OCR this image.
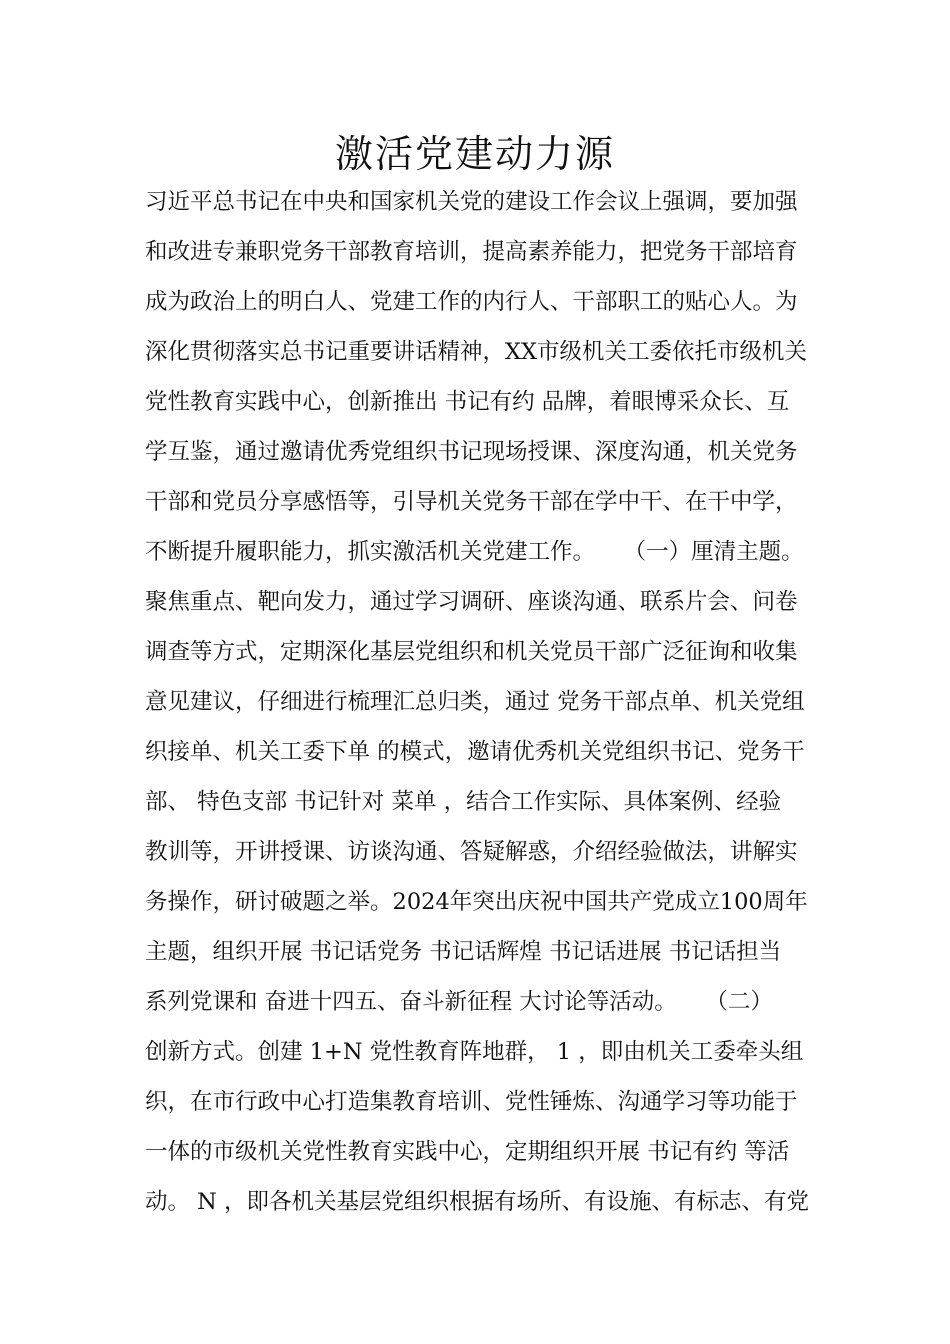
激活党建动力源
习近平总书记在中央和国家机关党的建设工作会议上强调，要加强
和改进专兼职党务干部教育培训，提高素养能力，把党务干部培育
成为政治上的明白人、党建工作的内行人、干部职工的贴心人。为
深化贯彻落实总书记重要讲话精神，XX市级机关工委依托市级机关
党性教育实践中心，创新推出 书记有约 品牌，着眼博采众长、互
学互鉴，通过邀请优秀党组织书记现场授课、深度沟通，机关党务
干部和党员分享感悟等，引导机关党务干部在学中干、在干中学，
不断提升履职能力，抓实激活机关党建工作。    （一）厘清主题。
聚焦重点、靶向发力，通过学习调研、座谈沟通、联系片会、问卷
调查等方式，定期深化基层党组织和机关党员干部广泛征询和收集
意见建议，仔细进行梳理汇总归类，通过 党务干部点单、机关党组
织接单、机关工委下单 的模式，邀请优秀机关党组织书记、党务干
部、 特色支部 书记针对 菜单 ，结合工作实际、具体案例、经验
教训等，开讲授课、访谈沟通、答疑解惑，介绍经验做法，讲解实
务操作，研讨破题之举。2024年突出庆祝中国共产党成立100周年
主题，组织开展 书记话党务 书记话辉煌 书记话进展 书记话担当
系列党课和 奋进十四五、奋斗新征程 大讨论等活动。    （二）
创新方式。创建 1+N 党性教育阵地群， 1 ，即由机关工委牵头组
织，在市行政中心打造集教育培训、党性锤炼、沟通学习等功能于
一体的市级机关党性教育实践中心，定期组织开展 书记有约 等活
动。 N ，即各机关基层党组织根据有场所、有设施、有标志、有党
